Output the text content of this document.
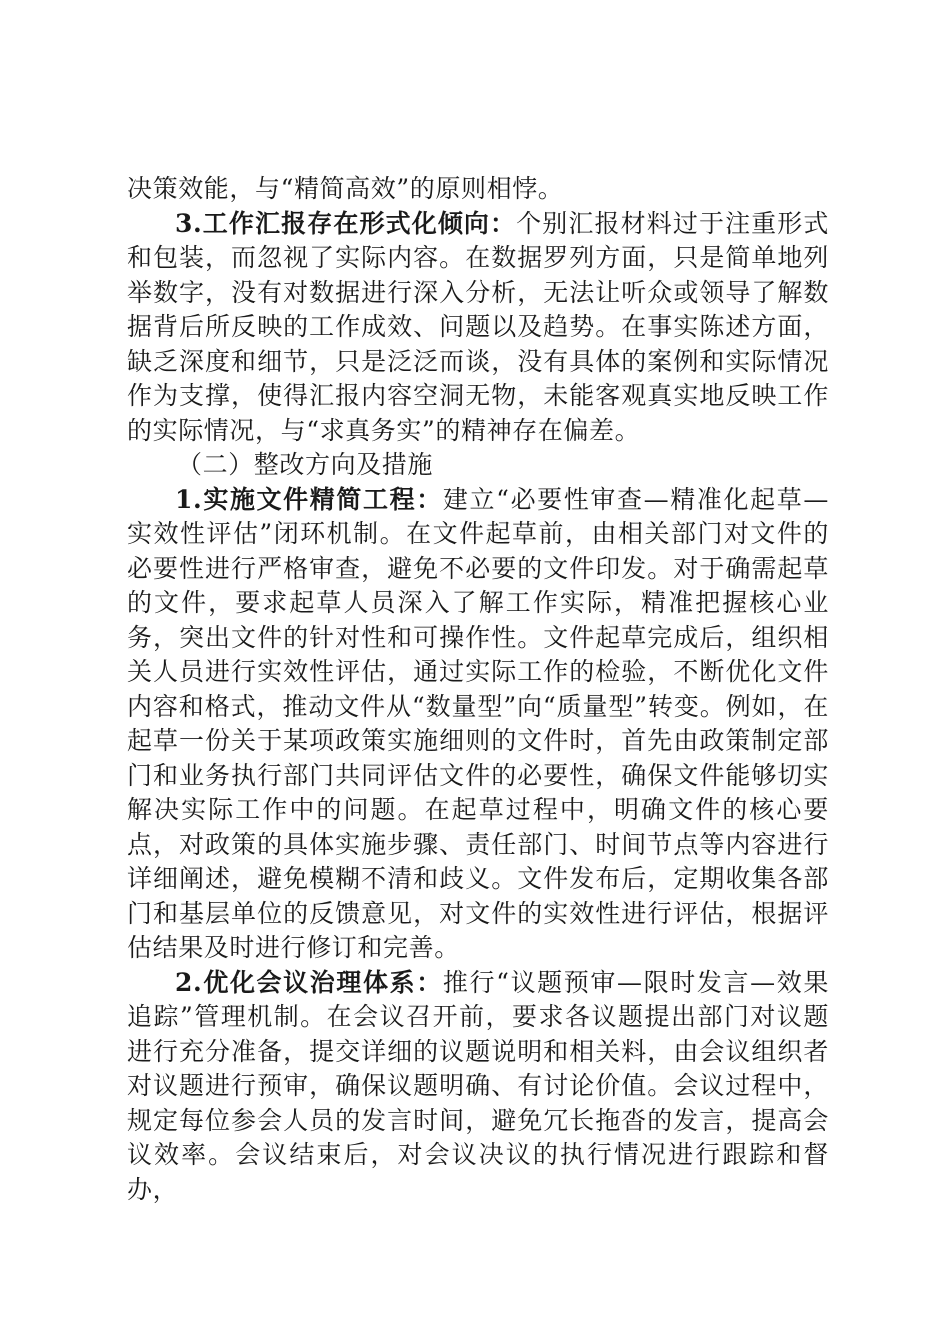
决策效能，与“精简高效”的原则相悖。

3.工作汇报存在形式化倾向：个别汇报材料过于注重形式和包装，而忽视了实际内容。在数据罗列方面，只是简单地列举数字，没有对数据进行深入分析，无法让听众或领导了解数据背后所反映的工作成效、问题以及趋势。在事实陈述方面，缺乏深度和细节，只是泛泛而谈，没有具体的案例和实际情况作为支撑，使得汇报内容空洞无物，未能客观真实地反映工作的实际情况，与“求真务实”的精神存在偏差。

（二）整改方向及措施

1.实施文件精简工程：建立“必要性审查—精准化起草—实效性评估”闭环机制。在文件起草前，由相关部门对文件的必要性进行严格审查，避免不必要的文件印发。对于确需起草的文件，要求起草人员深入了解工作实际，精准把握核心业务，突出文件的针对性和可操作性。文件起草完成后，组织相关人员进行实效性评估，通过实际工作的检验，不断优化文件内容和格式，推动文件从“数量型”向“质量型”转变。例如，在起草一份关于某项政策实施细则的文件时，首先由政策制定部门和业务执行部门共同评估文件的必要性，确保文件能够切实解决实际工作中的问题。在起草过程中，明确文件的核心要点，对政策的具体实施步骤、责任部门、时间节点等内容进行详细阐述，避免模糊不清和歧义。文件发布后，定期收集各部门和基层单位的反馈意见，对文件的实效性进行评估，根据评估结果及时进行修订和完善。

2.优化会议治理体系：推行“议题预审—限时发言—效果追踪”管理机制。在会议召开前，要求各议题提出部门对议题进行充分准备，提交详细的议题说明和相关料，由会议组织者对议题进行预审，确保议题明确、有讨论价值。会议过程中，规定每位参会人员的发言时间，避免冗长拖沓的发言，提高会议效率。会议结束后，对会议决议的执行情况进行跟踪和督办，
